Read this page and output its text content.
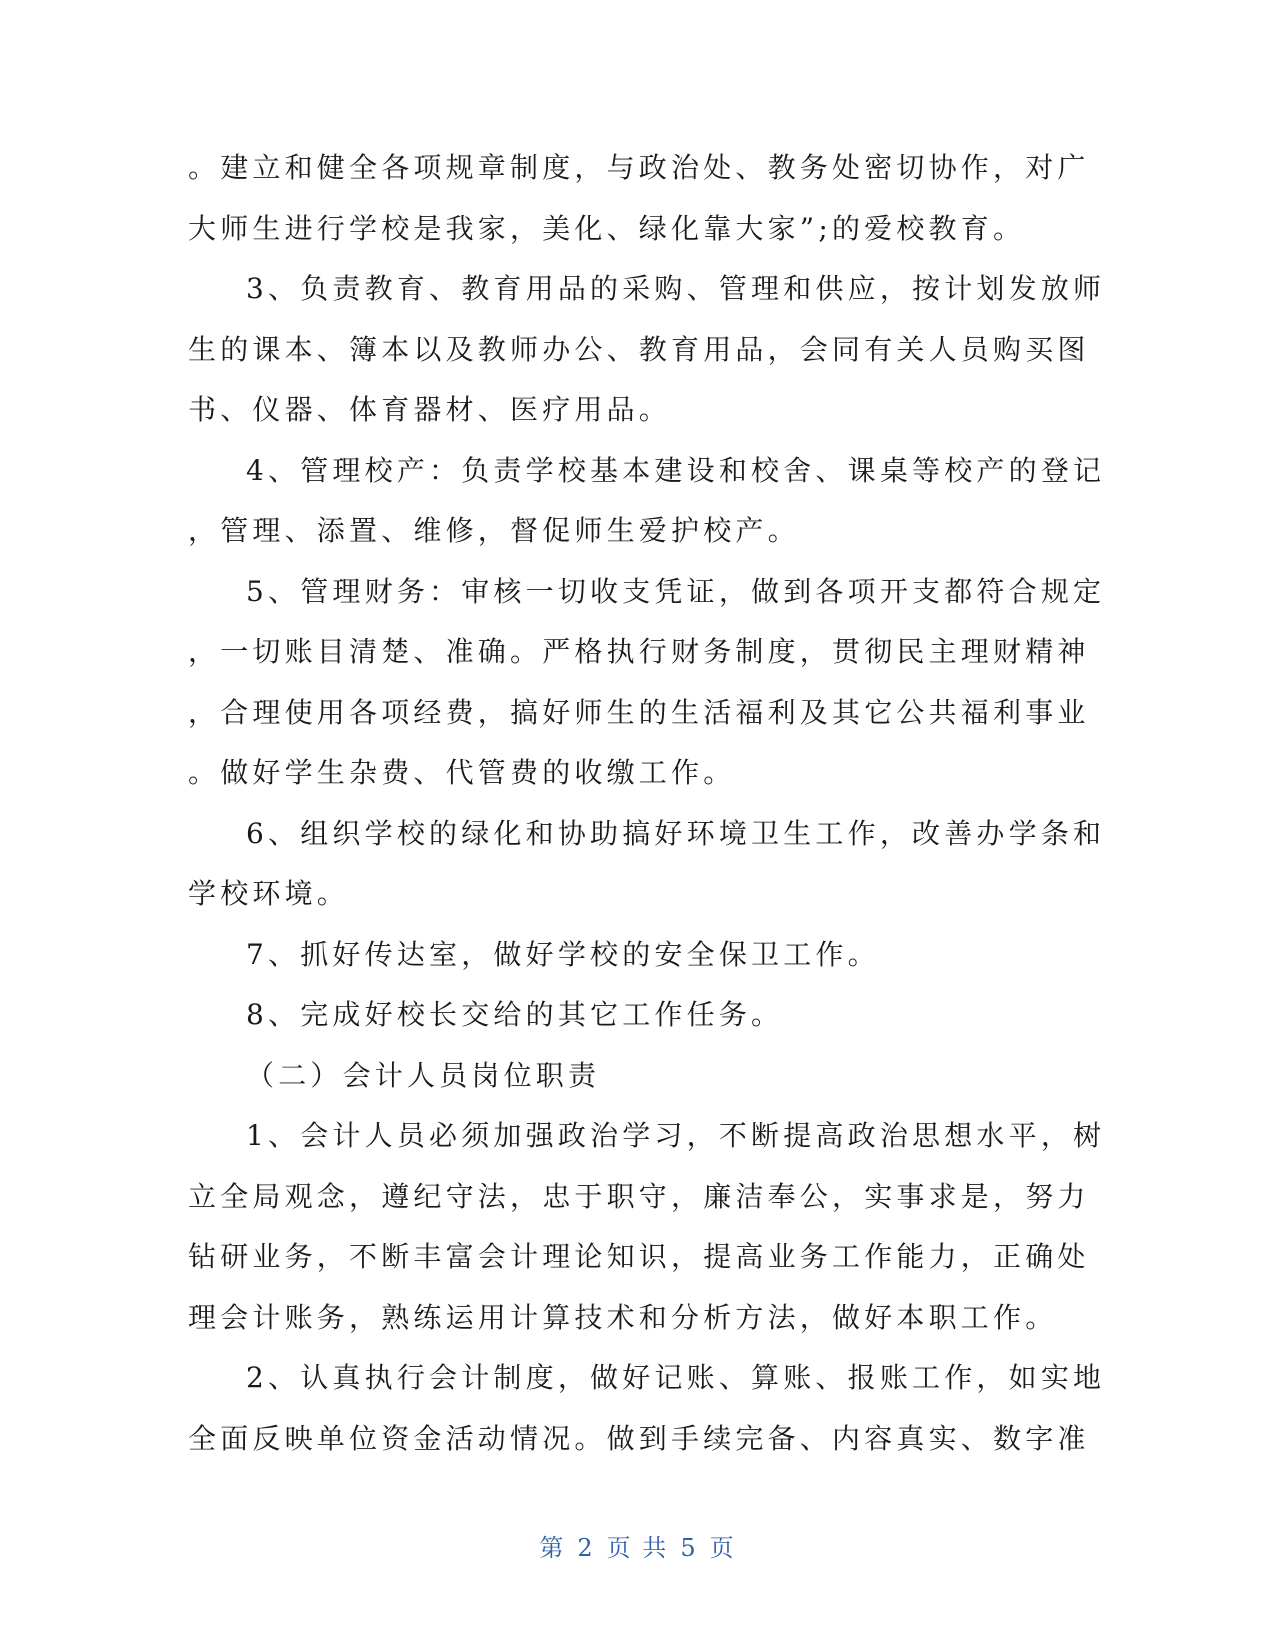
。建立和健全各项规章制度，与政治处、教务处密切协作，对广
大师生进行学校是我家，美化、绿化靠大家”;的爱校教育。
3、负责教育、教育用品的采购、管理和供应，按计划发放师
生的课本、簿本以及教师办公、教育用品，会同有关人员购买图
书、仪器、体育器材、医疗用品。
4、管理校产：负责学校基本建设和校舍、课桌等校产的登记
，管理、添置、维修，督促师生爱护校产。
5、管理财务：审核一切收支凭证，做到各项开支都符合规定
，一切账目清楚、准确。严格执行财务制度，贯彻民主理财精神
，合理使用各项经费，搞好师生的生活福利及其它公共福利事业
。做好学生杂费、代管费的收缴工作。
6、组织学校的绿化和协助搞好环境卫生工作，改善办学条和
学校环境。
7、抓好传达室，做好学校的安全保卫工作。
8、完成好校长交给的其它工作任务。
（二）会计人员岗位职责
1、会计人员必须加强政治学习，不断提高政治思想水平，树
立全局观念，遵纪守法，忠于职守，廉洁奉公，实事求是，努力
钻研业务，不断丰富会计理论知识，提高业务工作能力，正确处
理会计账务，熟练运用计算技术和分析方法，做好本职工作。
2、认真执行会计制度，做好记账、算账、报账工作，如实地
全面反映单位资金活动情况。做到手续完备、内容真实、数字准
第 2 页 共 5 页
